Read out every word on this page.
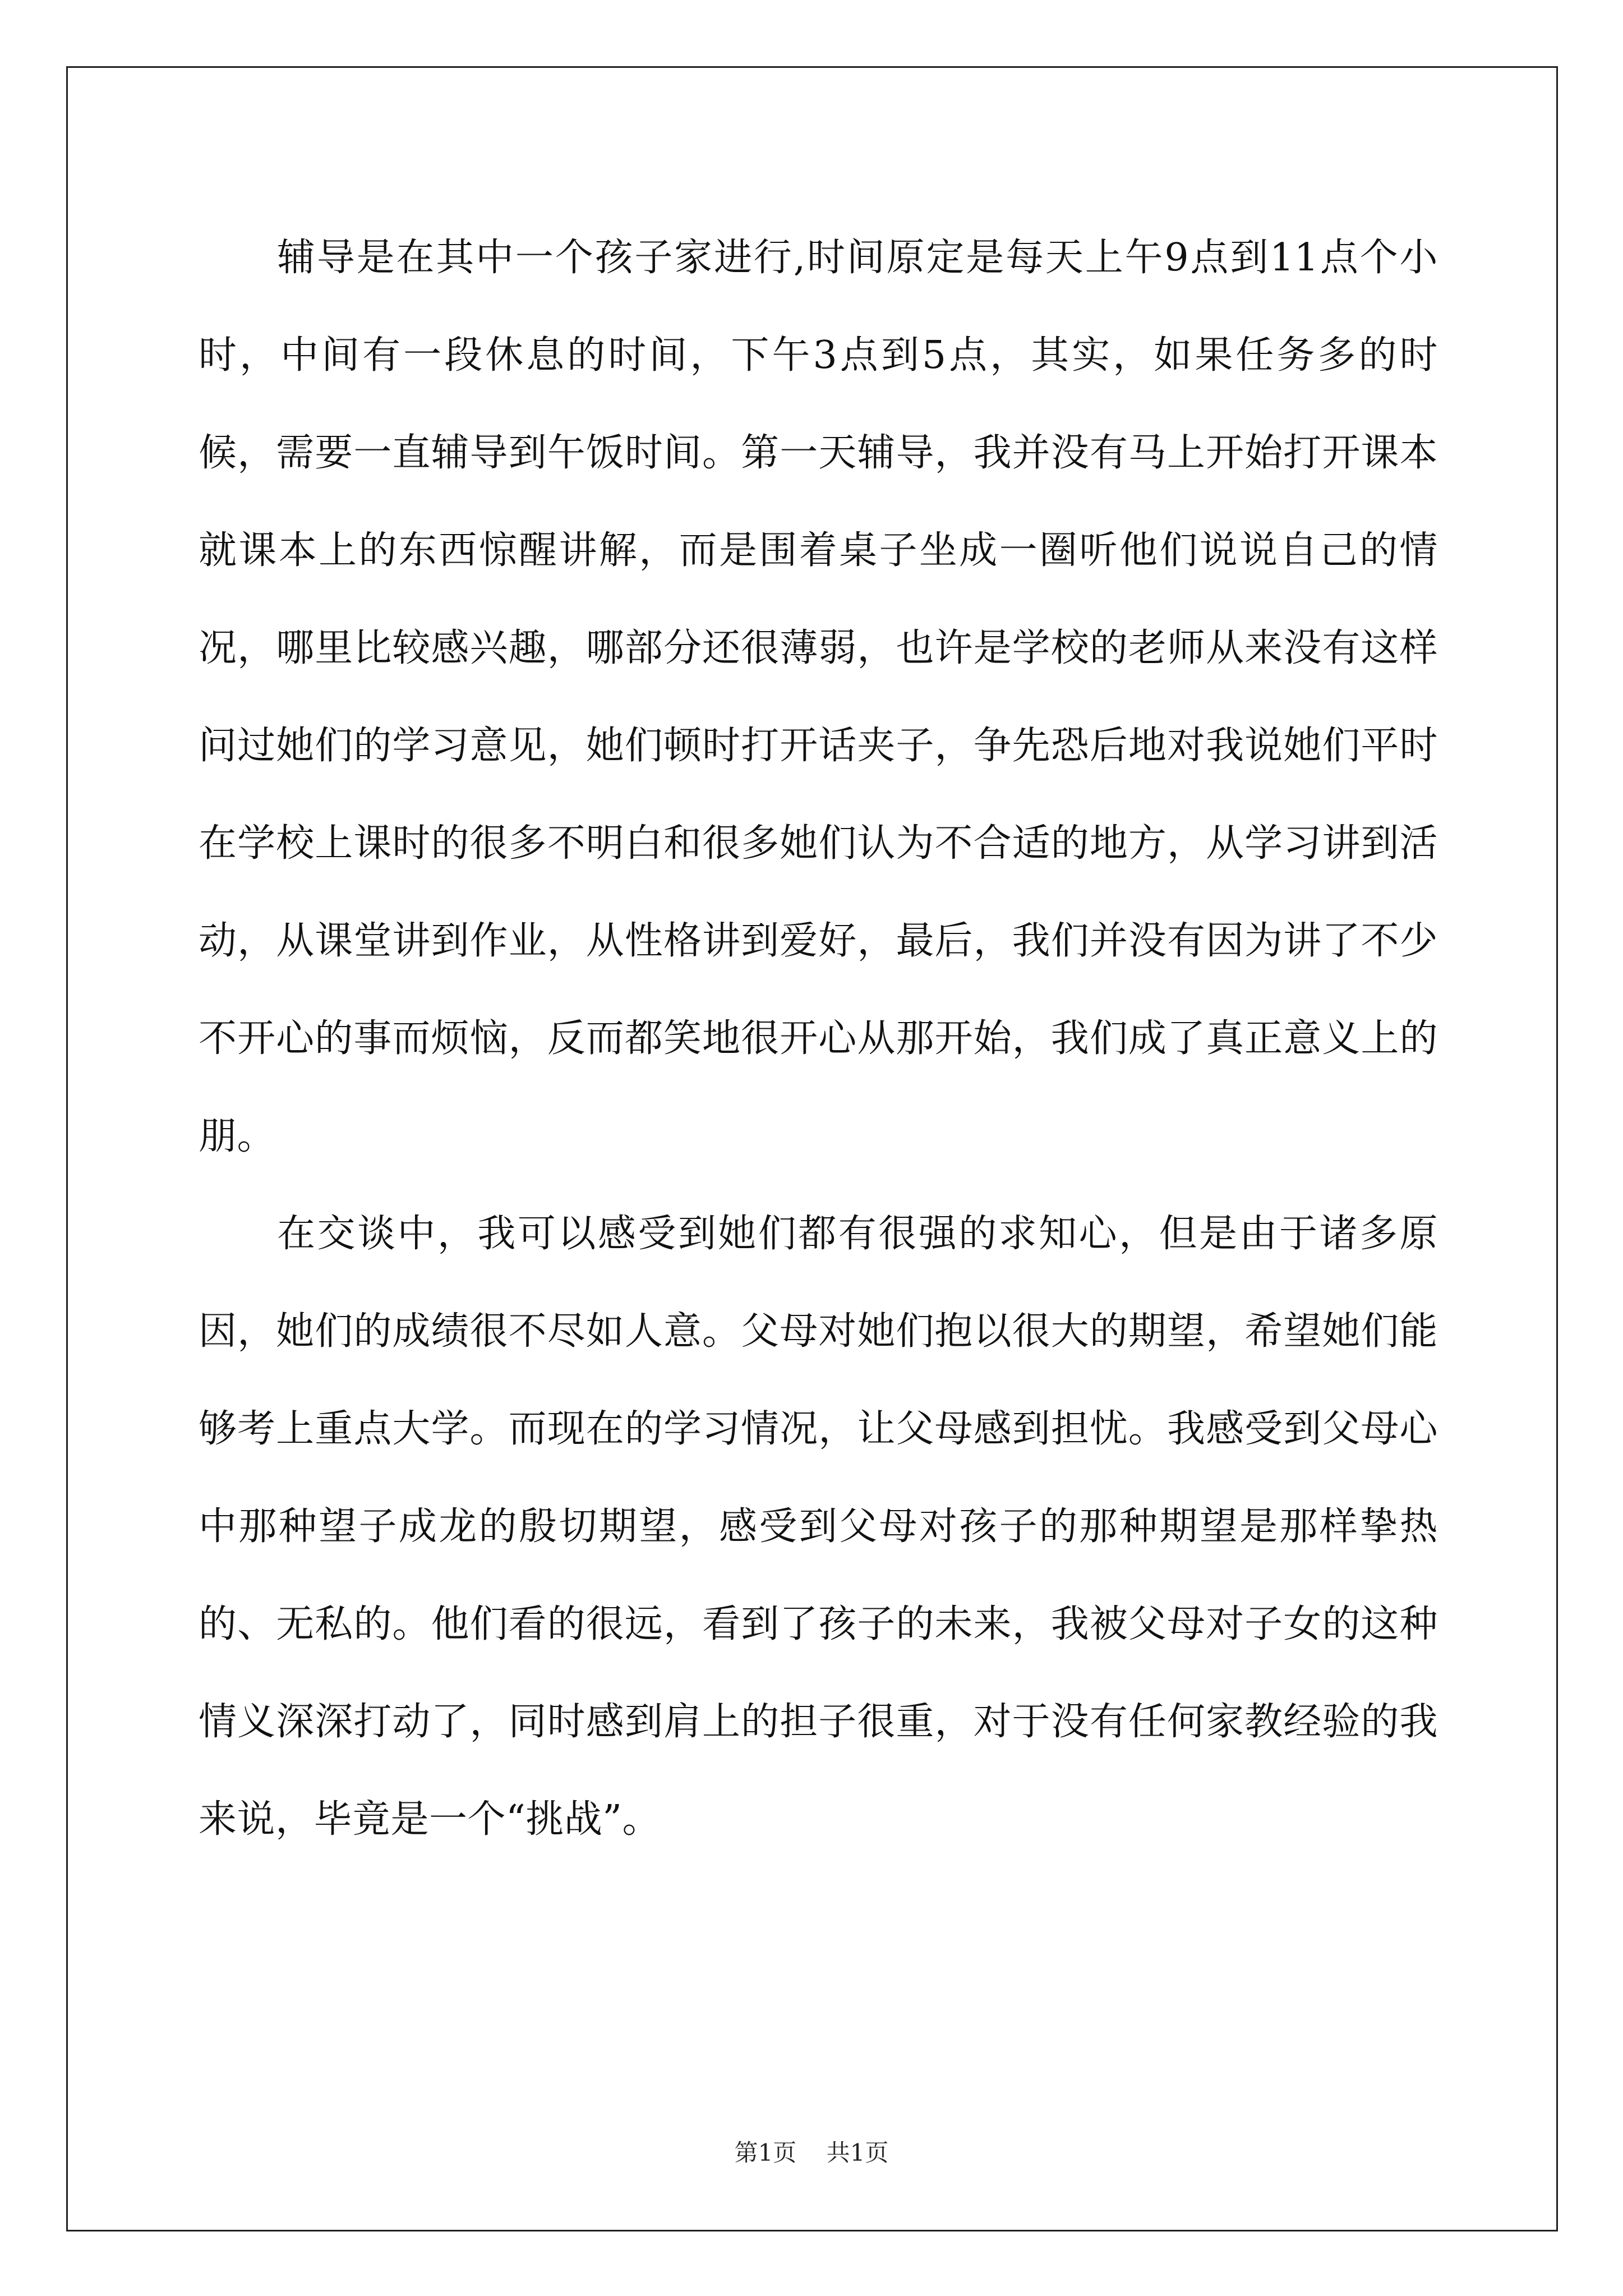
辅导是在其中一个孩子家进行,时间原定是每天上午9点到11点个小时，中间有一段休息的时间，下午3点到5点，其实，如果任务多的时候，需要一直辅导到午饭时间。第一天辅导，我并没有马上开始打开课本就课本上的东西惊醒讲解，而是围着桌子坐成一圈听他们说说自己的情况，哪里比较感兴趣，哪部分还很薄弱，也许是学校的老师从来没有这样问过她们的学习意见，她们顿时打开话夹子，争先恐后地对我说她们平时在学校上课时的很多不明白和很多她们认为不合适的地方，从学习讲到活动，从课堂讲到作业，从性格讲到爱好，最后，我们并没有因为讲了不少不开心的事而烦恼，反而都笑地很开心从那开始，我们成了真正意义上的朋。

在交谈中，我可以感受到她们都有很强的求知心，但是由于诸多原因，她们的成绩很不尽如人意。父母对她们抱以很大的期望，希望她们能够考上重点大学。而现在的学习情况，让父母感到担忧。我感受到父母心中那种望子成龙的殷切期望，感受到父母对孩子的那种期望是那样挚热的、无私的。他们看的很远，看到了孩子的未来，我被父母对子女的这种情义深深打动了，同时感到肩上的担子很重，对于没有任何家教经验的我来说，毕竟是一个“挑战”。

第1页 共1页
